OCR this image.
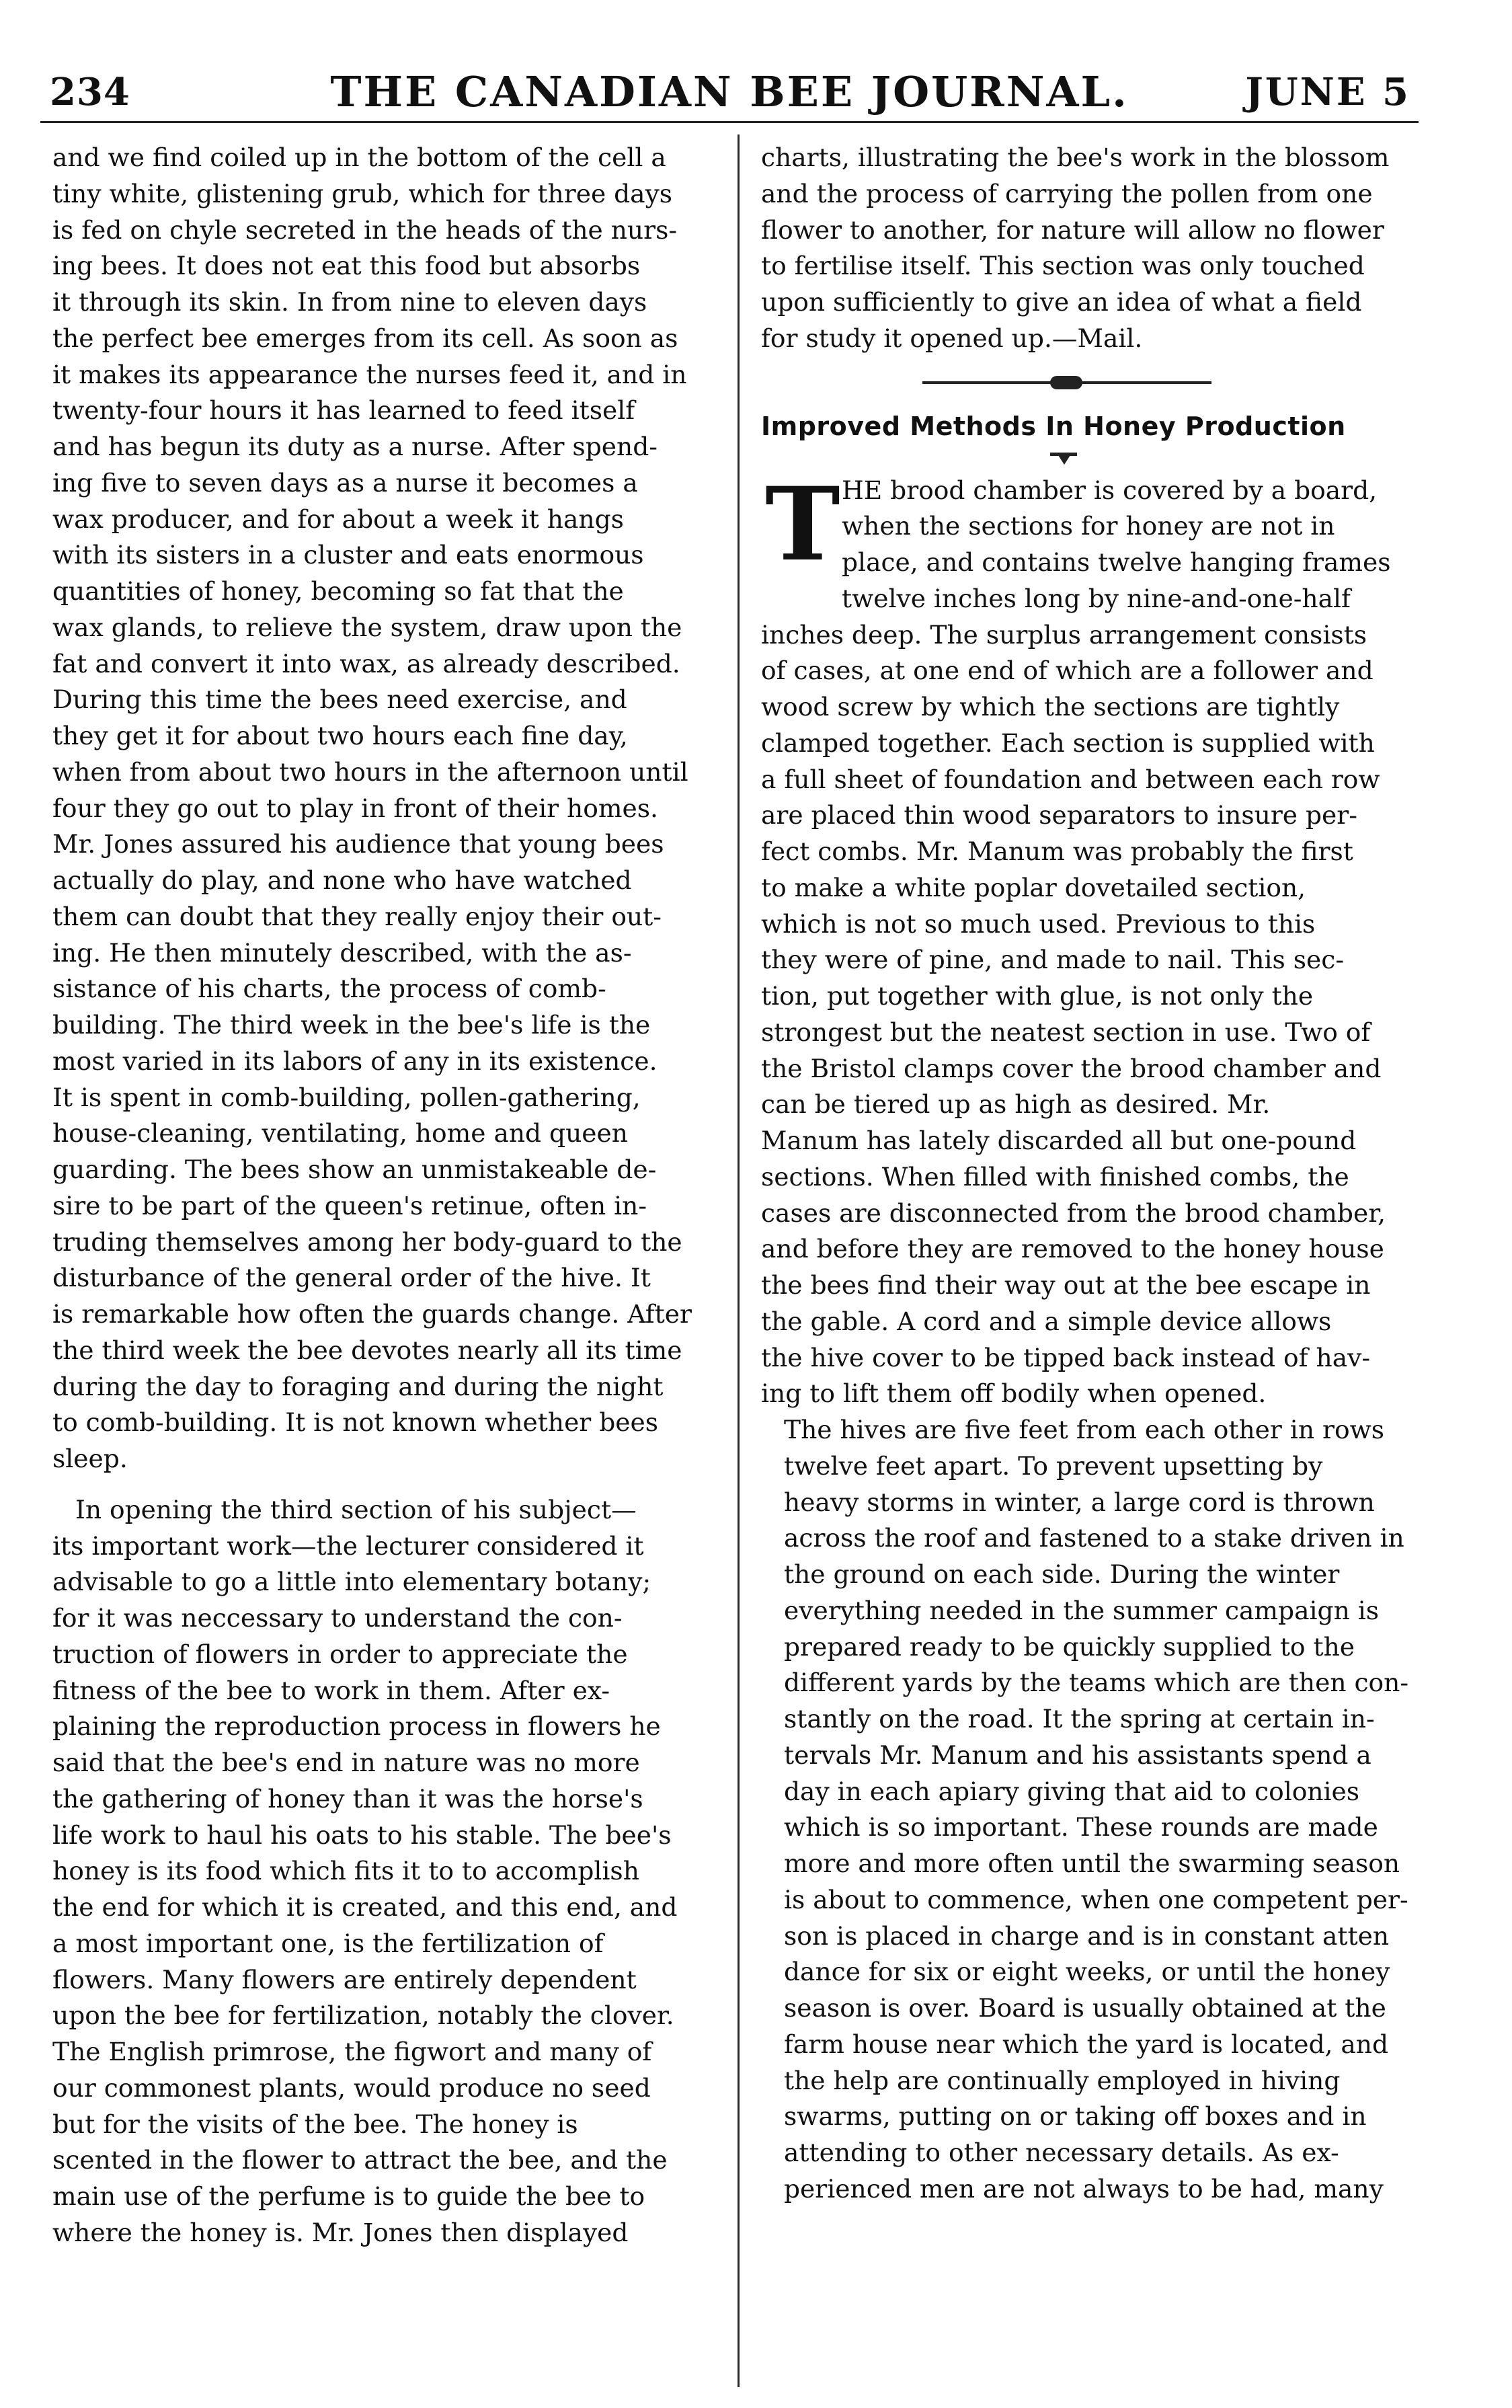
234	THE CANADIAN BEE JOURNAL.	JUNE 5
and we find coiled up in the bottom of the cell a
tiny white, glistening grub, which for three days
is fed on chyle secreted in the heads of the nurs-
ing bees. It does not eat this food but absorbs
it through its skin. In from nine to eleven days
the perfect bee emerges from its cell. As soon as
it makes its appearance the nurses feed it, and in
twenty-four hours it has learned to feed itself
and has begun its duty as a nurse. After spend-
ing five to seven days as a nurse it becomes a
wax producer, and for about a week it hangs
with its sisters in a cluster and eats enormous
quantities of honey, becoming so fat that the
wax glands, to relieve the system, draw upon the
fat and convert it into wax, as already described.
During this time the bees need exercise, and
they get it for about two hours each fine day,
when from about two hours in the afternoon until
four they go out to play in front of their homes.
Mr. Jones assured his audience that young bees
actually do play, and none who have watched
them can doubt that they really enjoy their out-
ing. He then minutely described, with the as-
sistance of his charts, the process of comb-
building. The third week in the bee's life is the
most varied in its labors of any in its existence.
It is spent in comb-building, pollen-gathering,
house-cleaning, ventilating, home and queen
guarding. The bees show an unmistakeable de-
sire to be part of the queen's retinue, often in-
truding themselves among her body-guard to the
disturbance of the general order of the hive. It
is remarkable how often the guards change. After
the third week the bee devotes nearly all its time
during the day to foraging and during the night
to comb-building. It is not known whether bees
sleep.
In opening the third section of his subject—
its important work—the lecturer considered it
advisable to go a little into elementary botany;
for it was neccessary to understand the con-
truction of flowers in order to appreciate the
fitness of the bee to work in them. After ex-
plaining the reproduction process in flowers he
said that the bee's end in nature was no more
the gathering of honey than it was the horse's
life work to haul his oats to his stable. The bee's
honey is its food which fits it to to accomplish
the end for which it is created, and this end, and
a most important one, is the fertilization of
flowers. Many flowers are entirely dependent
upon the bee for fertilization, notably the clover.
The English primrose, the figwort and many of
our commonest plants, would produce no seed
but for the visits of the bee. The honey is
scented in the flower to attract the bee, and the
main use of the perfume is to guide the bee to
where the honey is. Mr. Jones then displayed
charts, illustrating the bee's work in the blossom
and the process of carrying the pollen from one
flower to another, for nature will allow no flower
to fertilise itself. This section was only touched
upon sufficiently to give an idea of what a field
for study it opened up.—Mail.
Improved Methods In Honey Production
T HE brood chamber is covered by a board,
when the sections for honey are not in
place, and contains twelve hanging frames
twelve inches long by nine-and-one-half
inches deep. The surplus arrangement consists
of cases, at one end of which are a follower and
wood screw by which the sections are tightly
clamped together. Each section is supplied with
a full sheet of foundation and between each row
are placed thin wood separators to insure per-
fect combs. Mr. Manum was probably the first
to make a white poplar dovetailed section,
which is not so much used. Previous to this
they were of pine, and made to nail. This sec-
tion, put together with glue, is not only the
strongest but the neatest section in use. Two of
the Bristol clamps cover the brood chamber and
can be tiered up as high as desired. Mr.
Manum has lately discarded all but one-pound
sections. When filled with finished combs, the
cases are disconnected from the brood chamber,
and before they are removed to the honey house
the bees find their way out at the bee escape in
the gable. A cord and a simple device allows
the hive cover to be tipped back instead of hav-
ing to lift them off bodily when opened.
The hives are five feet from each other in rows
twelve feet apart. To prevent upsetting by
heavy storms in winter, a large cord is thrown
across the roof and fastened to a stake driven in
the ground on each side. During the winter
everything needed in the summer campaign is
prepared ready to be quickly supplied to the
different yards by the teams which are then con-
stantly on the road. It the spring at certain in-
tervals Mr. Manum and his assistants spend a
day in each apiary giving that aid to colonies
which is so important. These rounds are made
more and more often until the swarming season
is about to commence, when one competent per-
son is placed in charge and is in constant atten
dance for six or eight weeks, or until the honey
season is over. Board is usually obtained at the
farm house near which the yard is located, and
the help are continually employed in hiving
swarms, putting on or taking off boxes and in
attending to other necessary details. As ex-
perienced men are not always to be had, many
